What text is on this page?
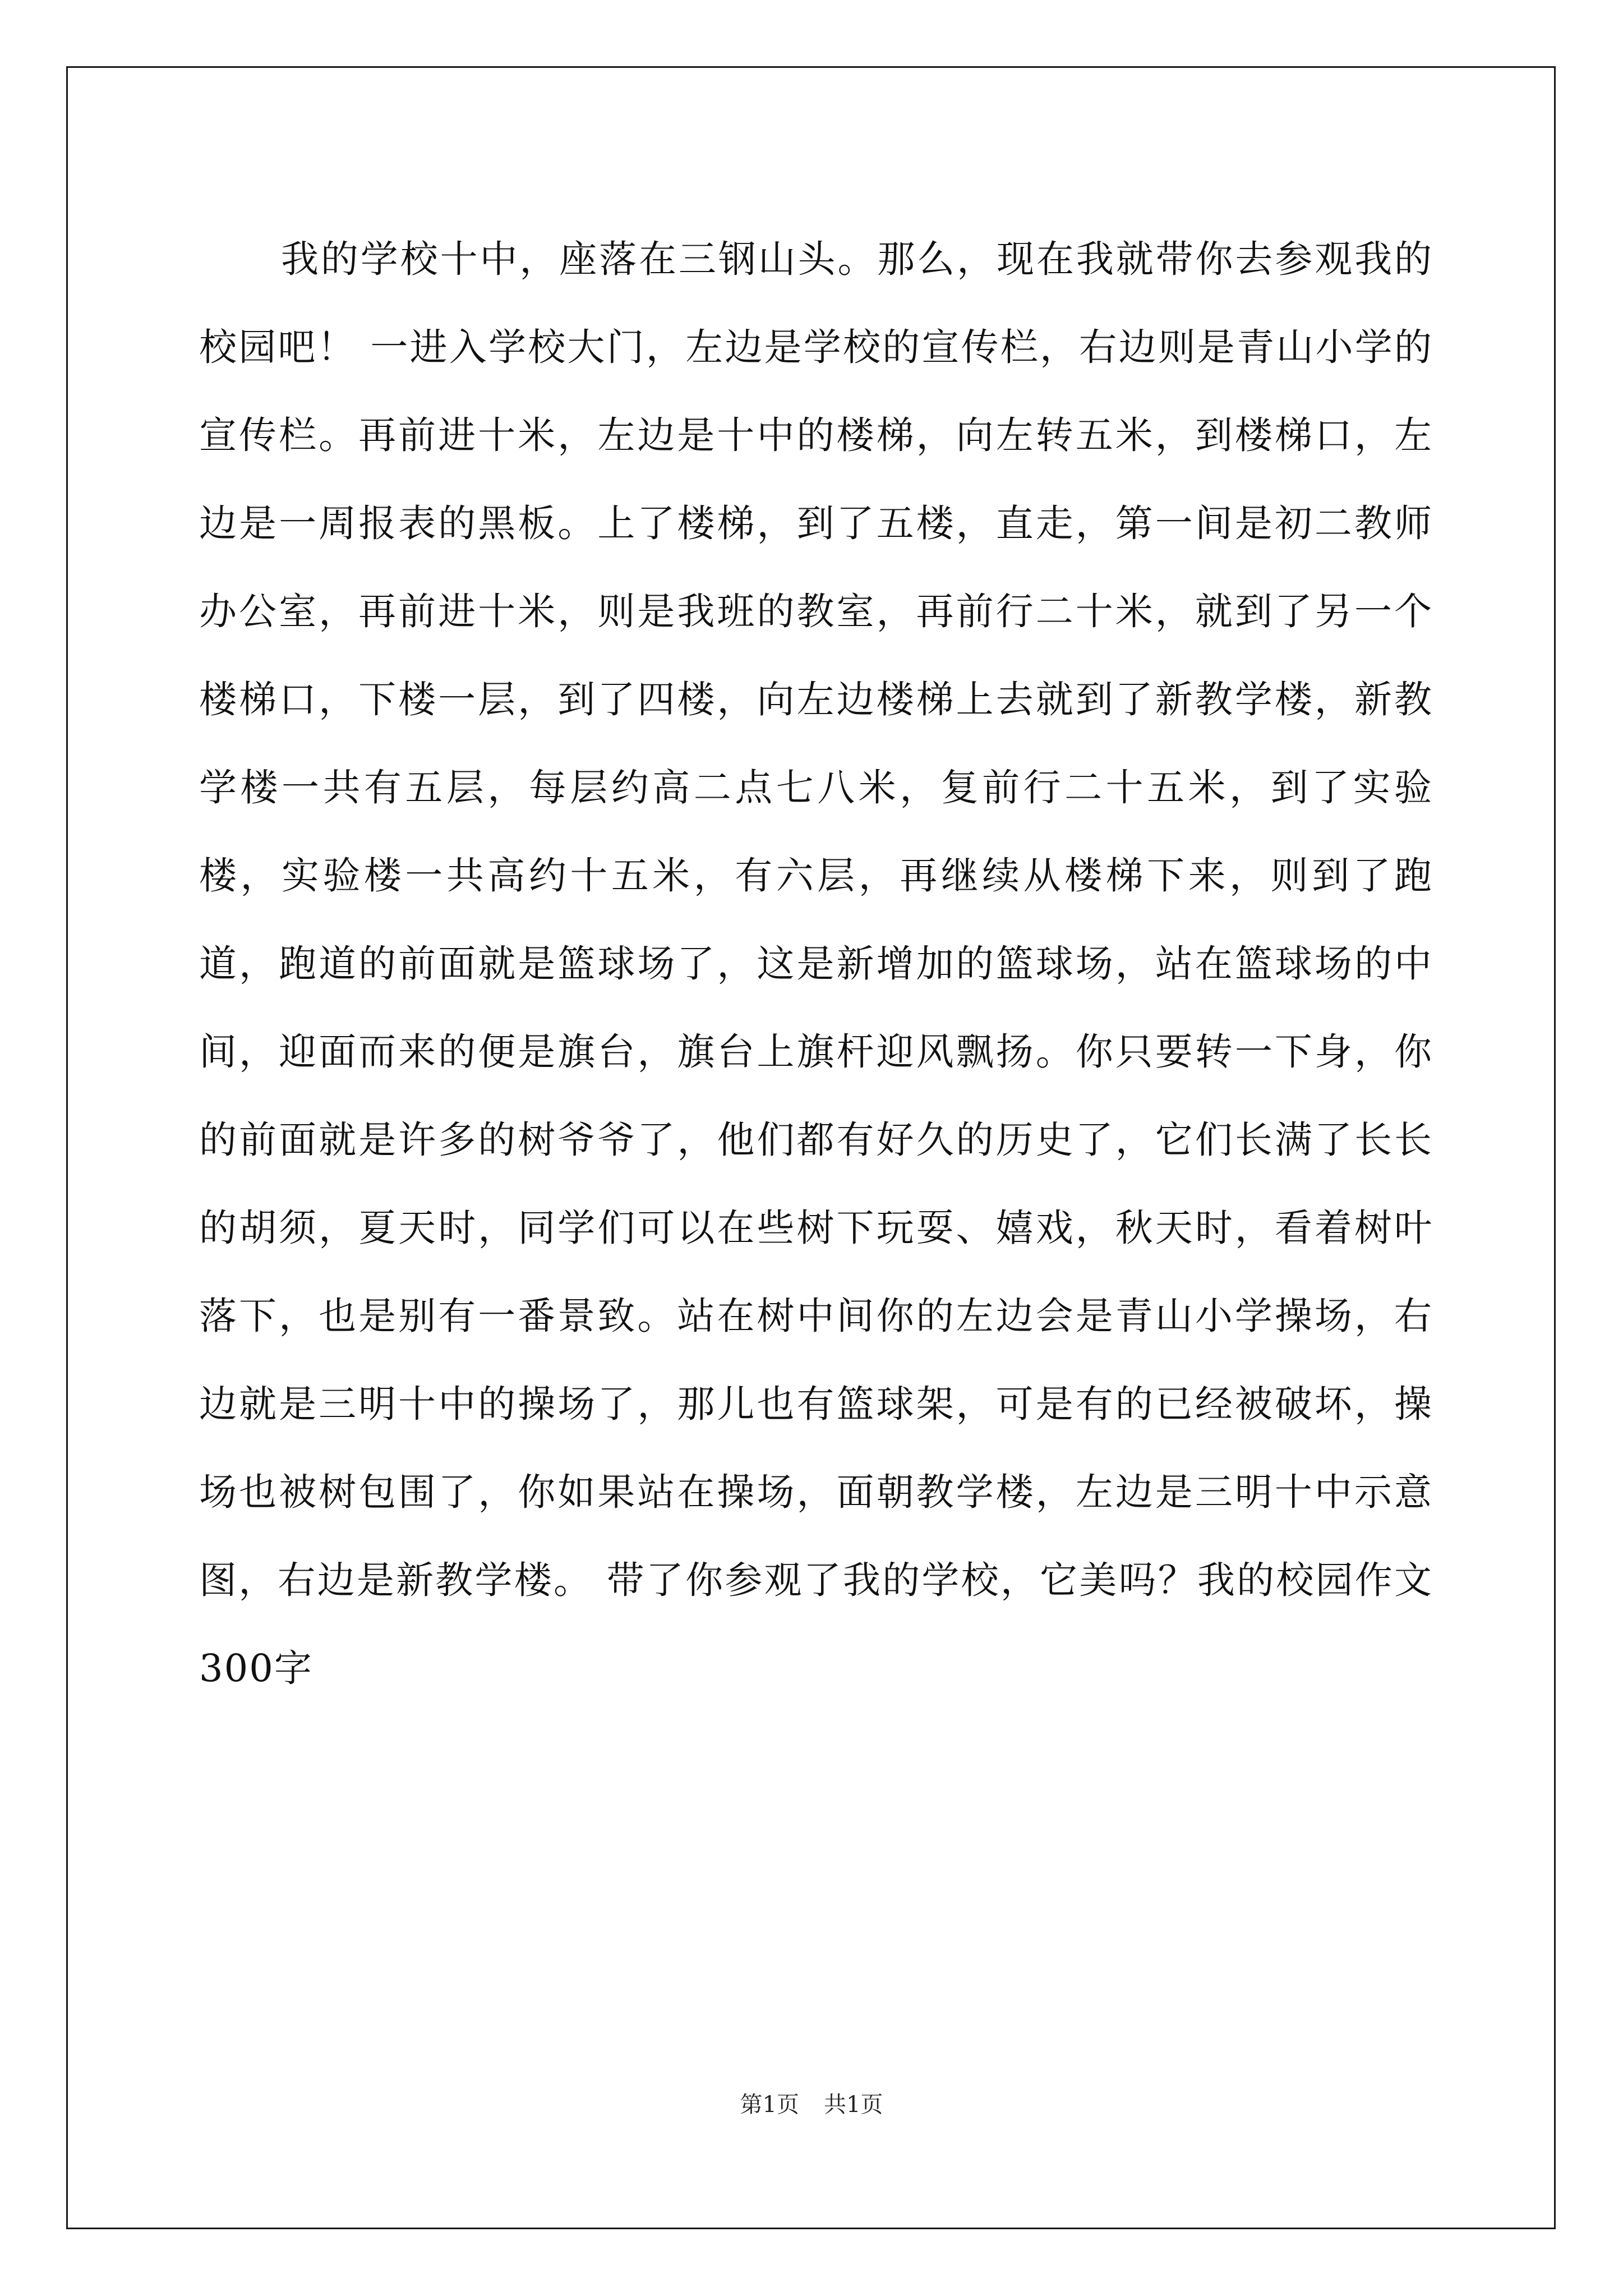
我的学校十中，座落在三钢山头。那么，现在我就带你去参观我的校园吧！ 一进入学校大门，左边是学校的宣传栏，右边则是青山小学的宣传栏。再前进十米，左边是十中的楼梯，向左转五米，到楼梯口，左边是一周报表的黑板。上了楼梯，到了五楼，直走，第一间是初二教师办公室，再前进十米，则是我班的教室，再前行二十米，就到了另一个楼梯口，下楼一层，到了四楼，向左边楼梯上去就到了新教学楼，新教学楼一共有五层，每层约高二点七八米，复前行二十五米，到了实验楼，实验楼一共高约十五米，有六层，再继续从楼梯下来，则到了跑道，跑道的前面就是篮球场了，这是新增加的篮球场，站在篮球场的中间，迎面而来的便是旗台，旗台上旗杆迎风飘扬。你只要转一下身，你的前面就是许多的树爷爷了，他们都有好久的历史了，它们长满了长长的胡须，夏天时，同学们可以在些树下玩耍、嬉戏，秋天时，看着树叶落下，也是别有一番景致。站在树中间你的左边会是青山小学操场，右边就是三明十中的操场了，那儿也有篮球架，可是有的已经被破坏，操场也被树包围了，你如果站在操场，面朝教学楼，左边是三明十中示意图，右边是新教学楼。 带了你参观了我的学校，它美吗？我的校园作文300字

第1页 共1页
